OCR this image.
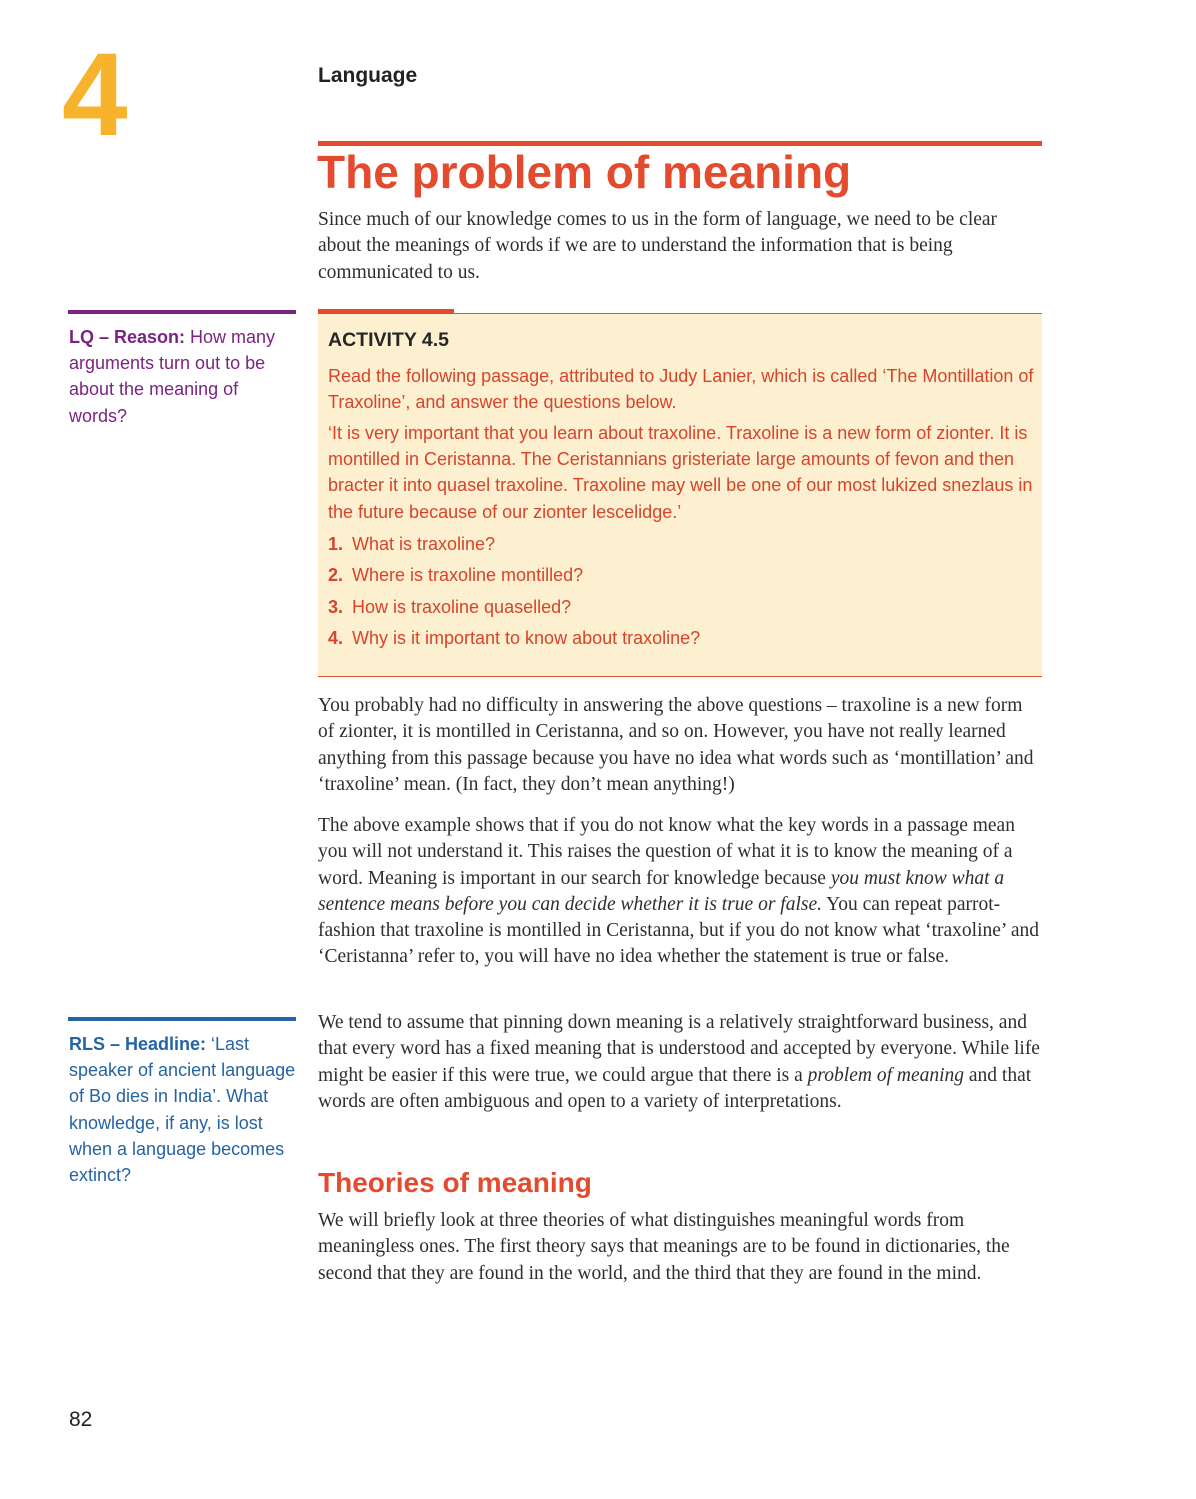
4	Language
The problem of meaning

Since much of our knowledge comes to us in the form of language, we need to be clear about the meanings of words if we are to understand the information that is being communicated to us.

LQ – Reason: How many arguments turn out to be about the meaning of words?

ACTIVITY 4.5

Read the following passage, attributed to Judy Lanier, which is called ‘The Montillation of Traxoline’, and answer the questions below.

‘It is very important that you learn about traxoline. Traxoline is a new form of zionter. It is montilled in Ceristanna. The Ceristannians gristeriate large amounts of fevon and then bracter it into quasel traxoline. Traxoline may well be one of our most lukized snezlaus in the future because of our zionter lescelidge.’

1. What is traxoline?
2. Where is traxoline montilled?
3. How is traxoline quaselled?
4. Why is it important to know about traxoline?

You probably had no difficulty in answering the above questions – traxoline is a new form of zionter, it is montilled in Ceristanna, and so on. However, you have not really learned anything from this passage because you have no idea what words such as ‘montillation’ and ‘traxoline’ mean. (In fact, they don’t mean anything!)

The above example shows that if you do not know what the key words in a passage mean you will not understand it. This raises the question of what it is to know the meaning of a word. Meaning is important in our search for knowledge because you must know what a sentence means before you can decide whether it is true or false. You can repeat parrot-fashion that traxoline is montilled in Ceristanna, but if you do not know what ‘traxoline’ and ‘Ceristanna’ refer to, you will have no idea whether the statement is true or false.

RLS – Headline: ‘Last speaker of ancient language of Bo dies in India’. What knowledge, if any, is lost when a language becomes extinct?

We tend to assume that pinning down meaning is a relatively straightforward business, and that every word has a fixed meaning that is understood and accepted by everyone. While life might be easier if this were true, we could argue that there is a problem of meaning and that words are often ambiguous and open to a variety of interpretations.

Theories of meaning

We will briefly look at three theories of what distinguishes meaningful words from meaningless ones. The first theory says that meanings are to be found in dictionaries, the second that they are found in the world, and the third that they are found in the mind.

82
